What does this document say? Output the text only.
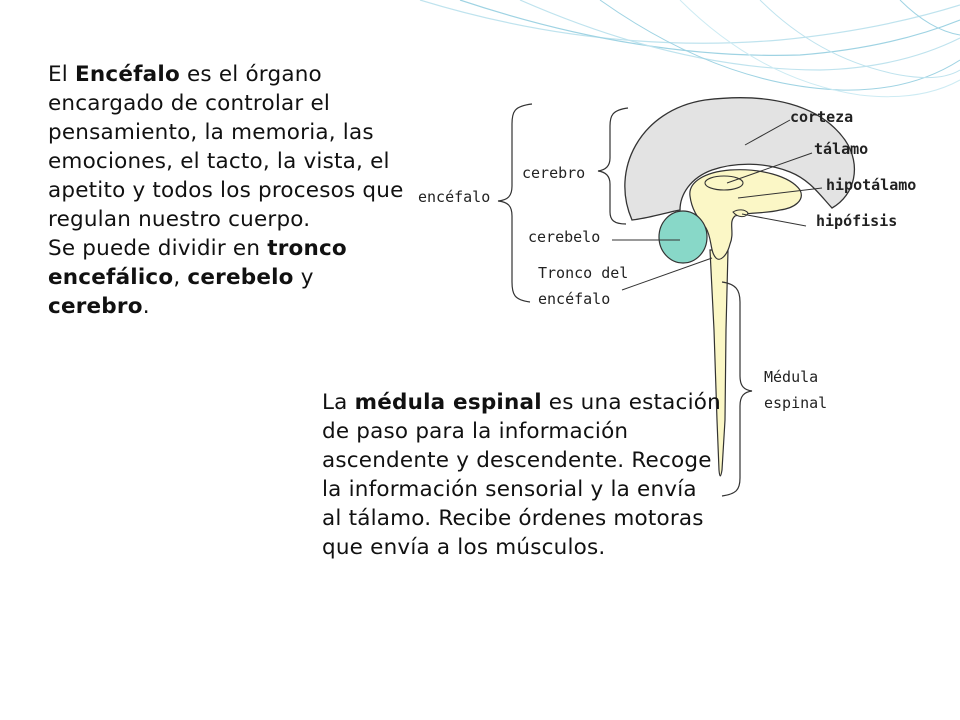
El Encéfalo es el órgano encargado de controlar el pensamiento, la memoria, las emociones, el tacto, la vista, el apetito y todos los procesos que regulan nuestro cuerpo.
Se puede dividir en tronco encefálico, cerebelo y cerebro.

La médula espinal es una estación de paso para la información ascendente y descendente. Recoge la información sensorial y la envía al tálamo. Recibe órdenes motoras que envía a los músculos.

corteza
tálamo
hipotálamo
hipófisis
cerebro
encéfalo
cerebelo
Tronco del
encéfalo
Médula
espinal
